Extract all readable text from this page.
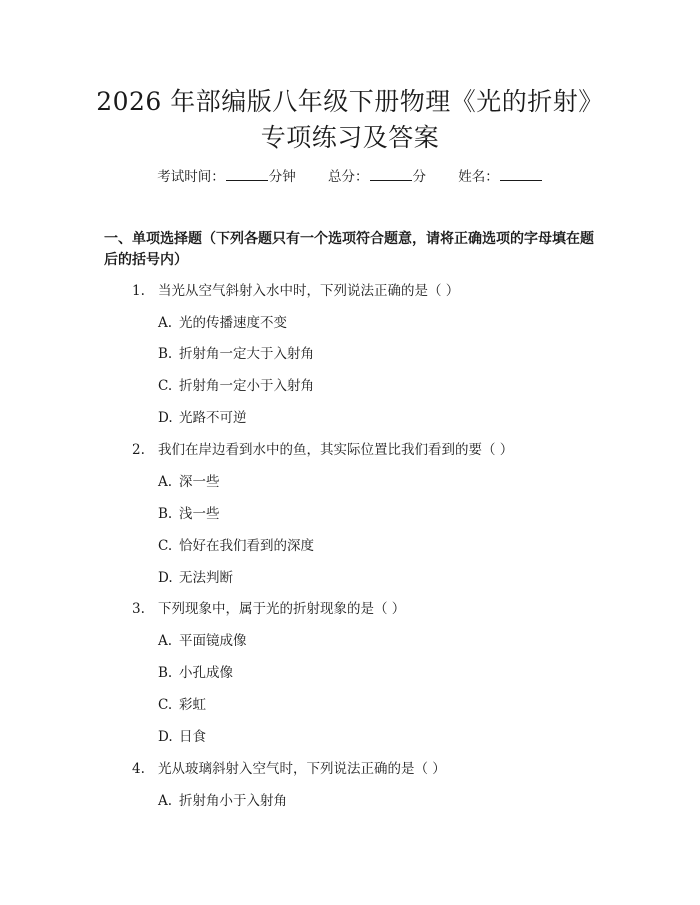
2026 年部编版八年级下册物理《光的折射》
专项练习及答案
考试时间：	分钟 总分：	分 姓名：
一、单项选择题（下列各题只有一个选项符合题意，请将正确选项的字母填在题后的括号内）
1. 当光从空气斜射入水中时，下列说法正确的是（ ）
A. 光的传播速度不变
B. 折射角一定大于入射角
C. 折射角一定小于入射角
D. 光路不可逆
2. 我们在岸边看到水中的鱼，其实际位置比我们看到的要（ ）
A. 深一些
B. 浅一些
C. 恰好在我们看到的深度
D. 无法判断
3. 下列现象中，属于光的折射现象的是（ ）
A. 平面镜成像
B. 小孔成像
C. 彩虹
D. 日食
4. 光从玻璃斜射入空气时，下列说法正确的是（ ）
A. 折射角小于入射角
